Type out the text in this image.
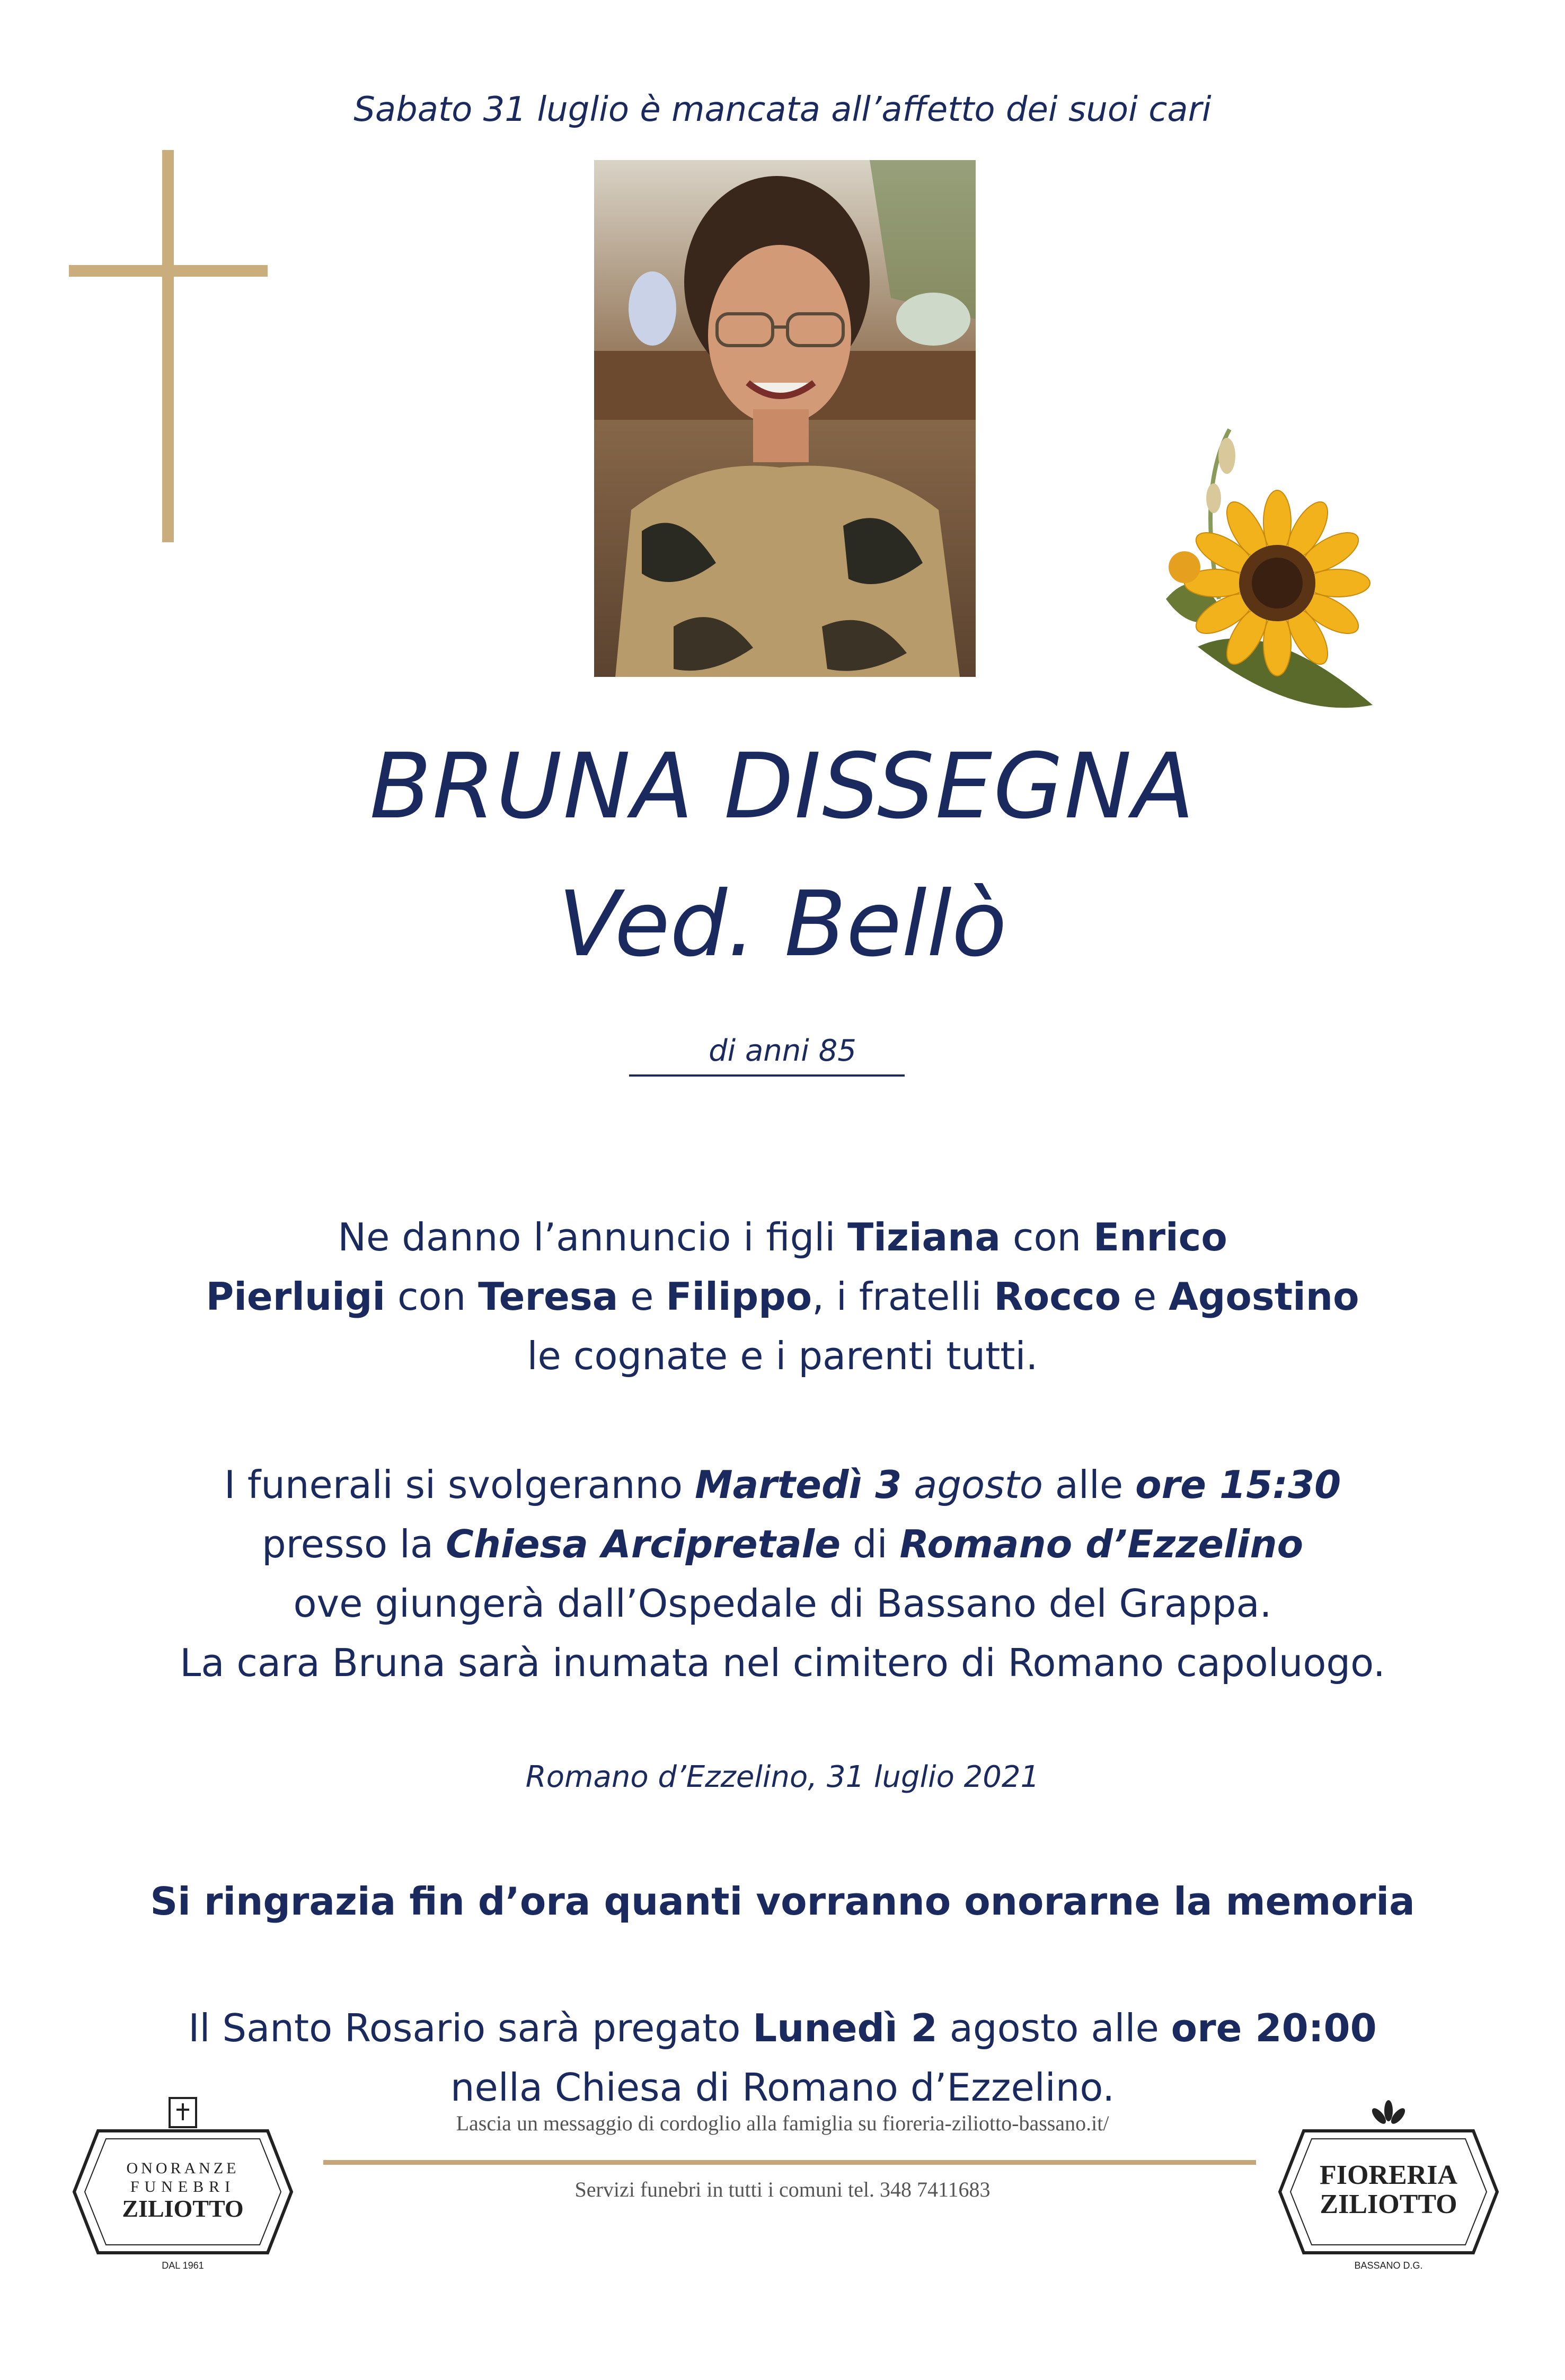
Sabato 31 luglio è mancata all’affetto dei suoi cari
BRUNA DISSEGNA
Ved. Bellò
di anni 85
Ne danno l’annuncio i figli Tiziana con Enrico
Pierluigi con Teresa e Filippo, i fratelli Rocco e Agostino
le cognate e i parenti tutti.
I funerali si svolgeranno Martedì 3 agosto alle ore 15:30
presso la Chiesa Arcipretale di Romano d’Ezzelino
ove giungerà dall’Ospedale di Bassano del Grappa.
La cara Bruna sarà inumata nel cimitero di Romano capoluogo.
Romano d’Ezzelino, 31 luglio 2021
Si ringrazia fin d’ora quanti vorranno onorarne la memoria
Il Santo Rosario sarà pregato Lunedì 2 agosto alle ore 20:00
nella Chiesa di Romano d’Ezzelino.
ONORANZE
FUNEBRI
ZILIOTTO
DAL 1961
Lascia un messaggio di cordoglio alla famiglia su fioreria-ziliotto-bassano.it/
Servizi funebri in tutti i comuni tel. 348 7411683	FIORERIA
ZILIOTTO
BASSANO D.G.
